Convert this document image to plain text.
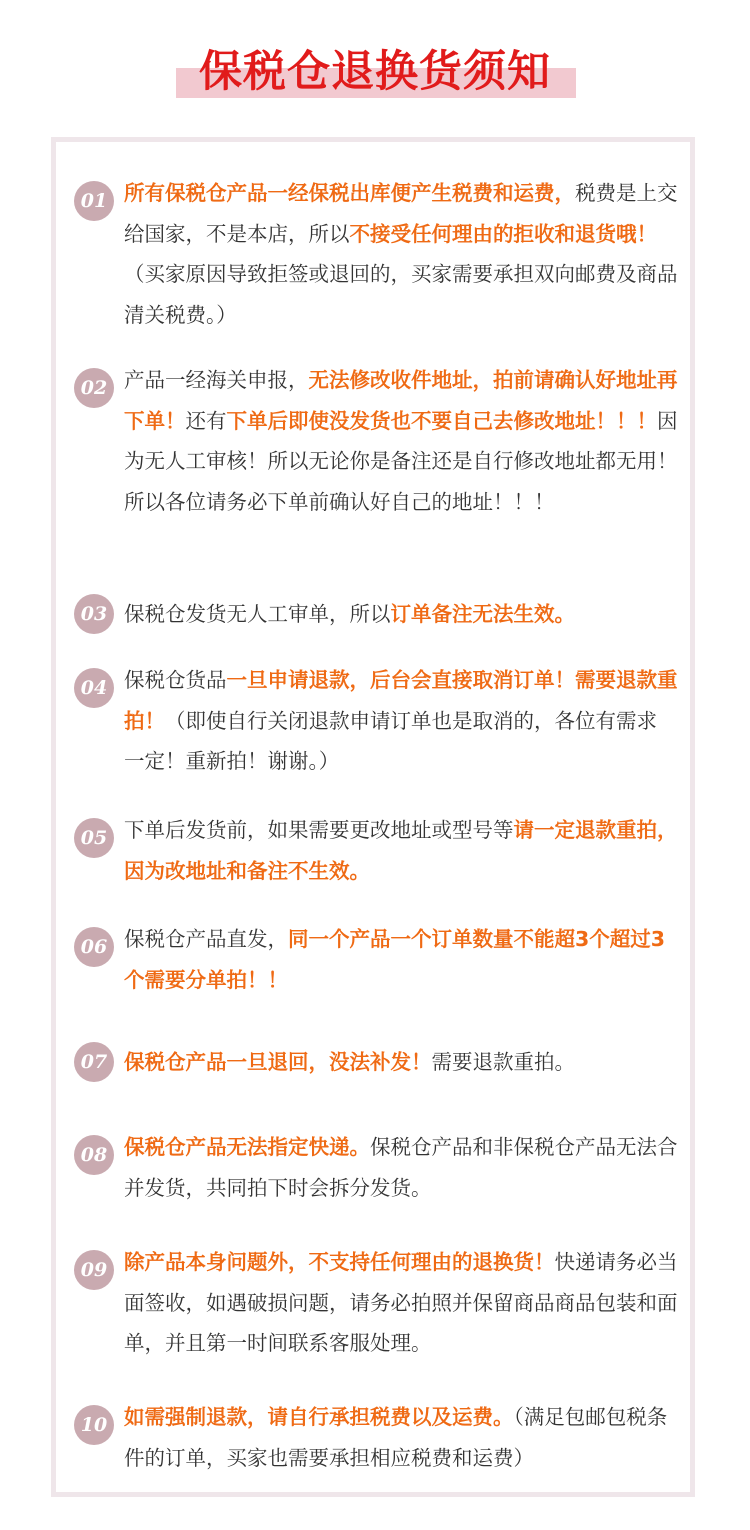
保税仓退换货须知
01 所有保税仓产品一经保税出库便产生税费和运费，税费是上交给国家，不是本店，所以不接受任何理由的拒收和退货哦！（买家原因导致拒签或退回的，买家需要承担双向邮费及商品清关税费。）
02 产品一经海关申报，无法修改收件地址，拍前请确认好地址再下单！还有下单后即使没发货也不要自己去修改地址！！！因为无人工审核！所以无论你是备注还是自行修改地址都无用！所以各位请务必下单前确认好自己的地址！！！
03 保税仓发货无人工审单，所以订单备注无法生效。
04 保税仓货品一旦申请退款，后台会直接取消订单！需要退款重拍！（即使自行关闭退款申请订单也是取消的，各位有需求 一定！重新拍！谢谢。）
05 下单后发货前，如果需要更改地址或型号等请一定退款重拍，因为改地址和备注不生效。
06 保税仓产品直发，同一个产品一个订单数量不能超3个超过3个需要分单拍！！
07 保税仓产品一旦退回，没法补发！需要退款重拍。
08 保税仓产品无法指定快递。保税仓产品和非保税仓产品无法合并发货，共同拍下时会拆分发货。
09 除产品本身问题外，不支持任何理由的退换货！快递请务必当面签收，如遇破损问题，请务必拍照并保留商品商品包装和面单，并且第一时间联系客服处理。
10 如需强制退款，请自行承担税费以及运费。（满足包邮包税条件的订单，买家也需要承担相应税费和运费）
